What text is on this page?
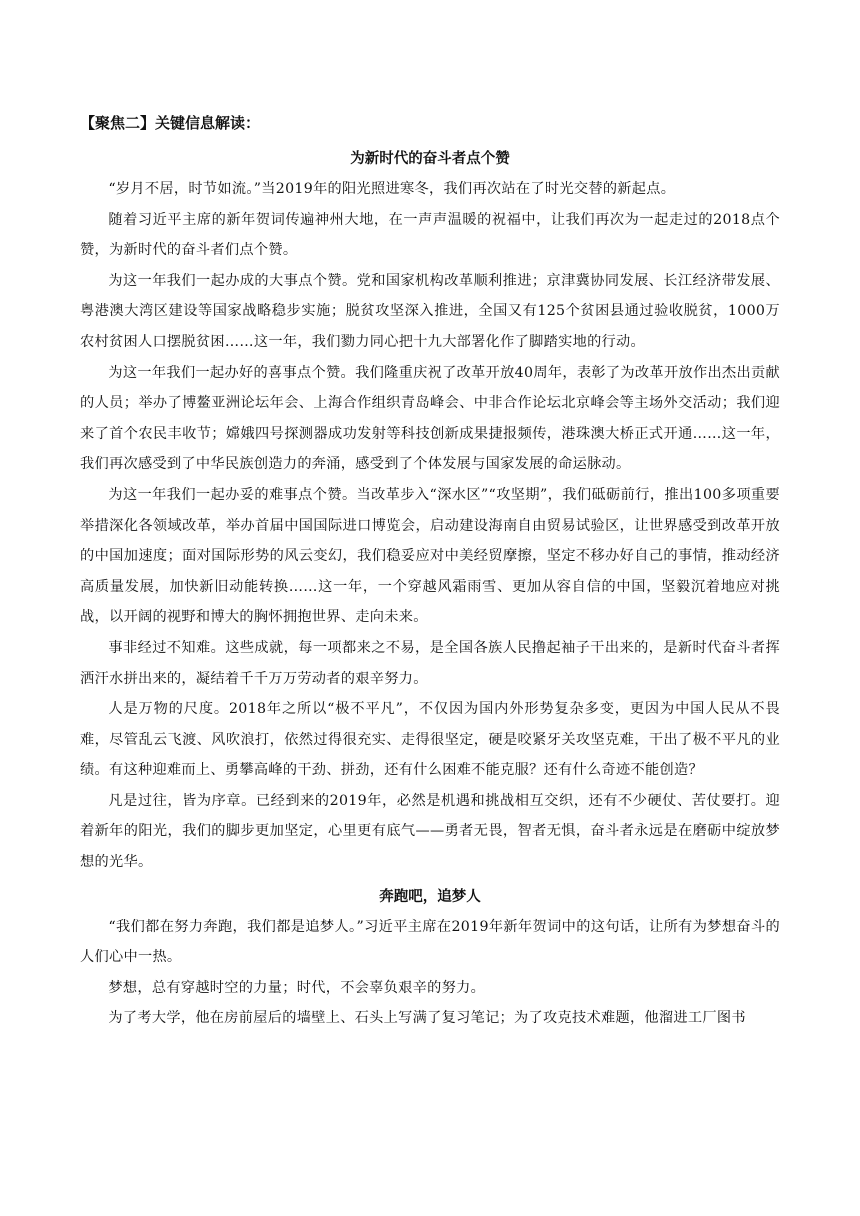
【聚焦二】关键信息解读：
为新时代的奋斗者点个赞

“岁月不居，时节如流。”当2019年的阳光照进寒冬，我们再次站在了时光交替的新起点。

随着习近平主席的新年贺词传遍神州大地，在一声声温暖的祝福中，让我们再次为一起走过的2018点个赞，为新时代的奋斗者们点个赞。

为这一年我们一起办成的大事点个赞。党和国家机构改革顺利推进；京津冀协同发展、长江经济带发展、粤港澳大湾区建设等国家战略稳步实施；脱贫攻坚深入推进，全国又有125个贫困县通过验收脱贫，1000万农村贫困人口摆脱贫困……这一年，我们勠力同心把十九大部署化作了脚踏实地的行动。

为这一年我们一起办好的喜事点个赞。我们隆重庆祝了改革开放40周年，表彰了为改革开放作出杰出贡献的人员；举办了博鳌亚洲论坛年会、上海合作组织青岛峰会、中非合作论坛北京峰会等主场外交活动；我们迎来了首个农民丰收节；嫦娥四号探测器成功发射等科技创新成果捷报频传，港珠澳大桥正式开通……这一年，我们再次感受到了中华民族创造力的奔涌，感受到了个体发展与国家发展的命运脉动。

为这一年我们一起办妥的难事点个赞。当改革步入“深水区”“攻坚期”，我们砥砺前行，推出100多项重要举措深化各领域改革，举办首届中国国际进口博览会，启动建设海南自由贸易试验区，让世界感受到改革开放的中国加速度；面对国际形势的风云变幻，我们稳妥应对中美经贸摩擦，坚定不移办好自己的事情，推动经济高质量发展，加快新旧动能转换……这一年，一个穿越风霜雨雪、更加从容自信的中国，坚毅沉着地应对挑战，以开阔的视野和博大的胸怀拥抱世界、走向未来。

事非经过不知难。这些成就，每一项都来之不易，是全国各族人民撸起袖子干出来的，是新时代奋斗者挥洒汗水拼出来的，凝结着千千万万劳动者的艰辛努力。

人是万物的尺度。2018年之所以“极不平凡”，不仅因为国内外形势复杂多变，更因为中国人民从不畏难，尽管乱云飞渡、风吹浪打，依然过得很充实、走得很坚定，硬是咬紧牙关攻坚克难，干出了极不平凡的业绩。有这种迎难而上、勇攀高峰的干劲、拼劲，还有什么困难不能克服？还有什么奇迹不能创造？

凡是过往，皆为序章。已经到来的2019年，必然是机遇和挑战相互交织，还有不少硬仗、苦仗要打。迎着新年的阳光，我们的脚步更加坚定，心里更有底气——勇者无畏，智者无惧，奋斗者永远是在磨砺中绽放梦想的光华。

奔跑吧，追梦人

“我们都在努力奔跑，我们都是追梦人。”习近平主席在2019年新年贺词中的这句话，让所有为梦想奋斗的人们心中一热。

梦想，总有穿越时空的力量；时代，不会辜负艰辛的努力。

为了考大学，他在房前屋后的墙壁上、石头上写满了复习笔记；为了攻克技术难题，他溜进工厂图书
